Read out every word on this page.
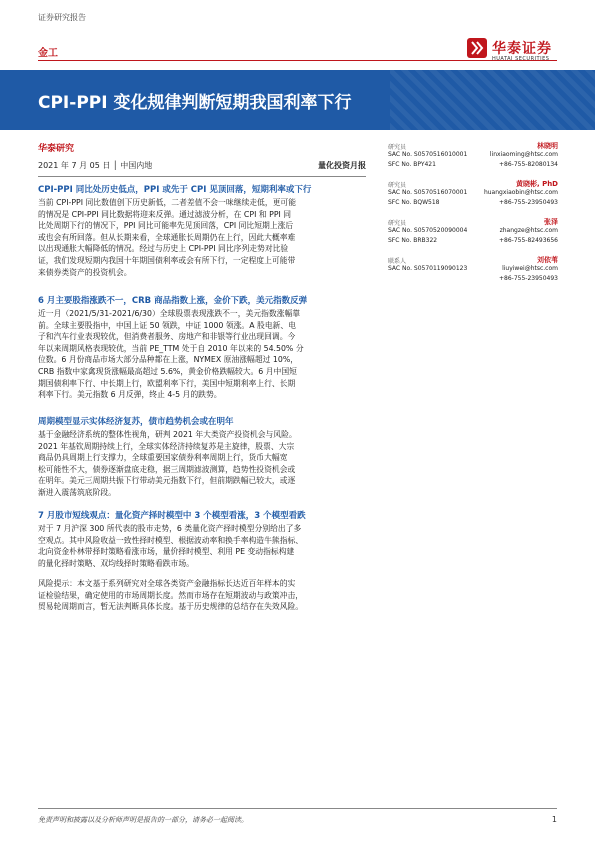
证券研究报告
金工	华泰证券
HUATAI SECURITIES
CPI-PPI 变化规律判断短期我国利率下行
华泰研究
2021 年 7 月 05 日 │ 中国内地	量化投资月报
研究员	林晓明
SAC No. S0570516010001	linxiaoming@htsc.com
SFC No. BPY421	+86-755-82080134
研究员	黄晓彬, PhD
SAC No. S0570516070001	huangxiaobin@htsc.com
SFC No. BQW518	+86-755-23950493
研究员	张泽
SAC No. S0570520090004	zhangze@htsc.com
SFC No. BRB322	+86-755-82493656
联系人	刘依苇
SAC No. S0570119090123	liuyiwei@htsc.com
+86-755-23950493
CPI-PPI 同比处历史低点，PPI 或先于 CPI 见顶回落，短期利率或下行

当前 CPI-PPI 同比数值创下历史新低，二者差值不会一味继续走低，更可能

的情况是 CPI-PPI 同比数据将迎来反弹。通过滤波分析，在 CPI 和 PPI 同

比处周期下行的情况下，PPI 同比可能率先见顶回落，CPI 同比短期上涨后

或也会有所回落。但从长期来看，全球通胀长周期仍在上行，因此大概率难

以出现通胀大幅降低的情况。经过与历史上 CPI-PPI 同比序列走势对比验

证，我们发现短期内我国十年期国债利率或会有所下行，一定程度上可能带

来债券类资产的投资机会。

6 月主要股指涨跌不一，CRB 商品指数上涨，金价下跌，美元指数反弹

近一月（2021/5/31-2021/6/30）全球股票表现涨跌不一，美元指数涨幅靠

前。全球主要股指中，中国上证 50 领跌，中证 1000 领涨。A 股电新、电

子和汽车行业表现较优，但消费者服务、房地产和非银等行业出现回调。今

年以来周期风格表现较优，当前 PE_TTM 处于自 2010 年以来的 54.50% 分

位数。6 月份商品市场大部分品种都在上涨，NYMEX 原油涨幅超过 10%，

CRB 指数中家禽现货涨幅最高超过 5.6%，黄金价格跌幅较大。6 月中国短

期国债利率下行、中长期上行，欧盟利率下行，美国中短期利率上行、长期

利率下行。美元指数 6 月反弹，终止 4-5 月的跌势。

周期模型显示实体经济复苏，债市趋势机会或在明年

基于金融经济系统的整体性视角，研判 2021 年大类资产投资机会与风险。

2021 年基钦周期持续上行，全球实体经济持续复苏是主旋律，股票、大宗

商品仍具周期上行支撑力，全球重要国家债券利率周期上行，货币大幅宽

松可能性不大，债券逐渐盘底走稳，据三周期滤波测算，趋势性投资机会或

在明年。美元三周期共振下行带动美元指数下行，但前期跌幅已较大，或逐

渐进入震荡筑底阶段。

7 月股市短线观点：量化资产择时模型中 3 个模型看涨，3 个模型看跌

对于 7 月沪深 300 所代表的股市走势，6 类量化资产择时模型分别给出了多

空观点。其中风险收益一致性择时模型、根据波动率和换手率构造牛熊指标、

北向资金朴林带择时策略看涨市场，量价择时模型、利用 PE 变动指标构建

的量化择时策略、双均线择时策略看跌市场。

风险提示：本文基于系列研究对全球各类资产金融指标长达近百年样本的实

证检验结果，确定使用的市场周期长度。然而市场存在短期波动与政策冲击，

贸易轮周期而言，暂无法判断具体长度。基于历史规律的总结存在失效风险。

免责声明和披露以及分析师声明是报告的一部分，请务必一起阅读。	1
